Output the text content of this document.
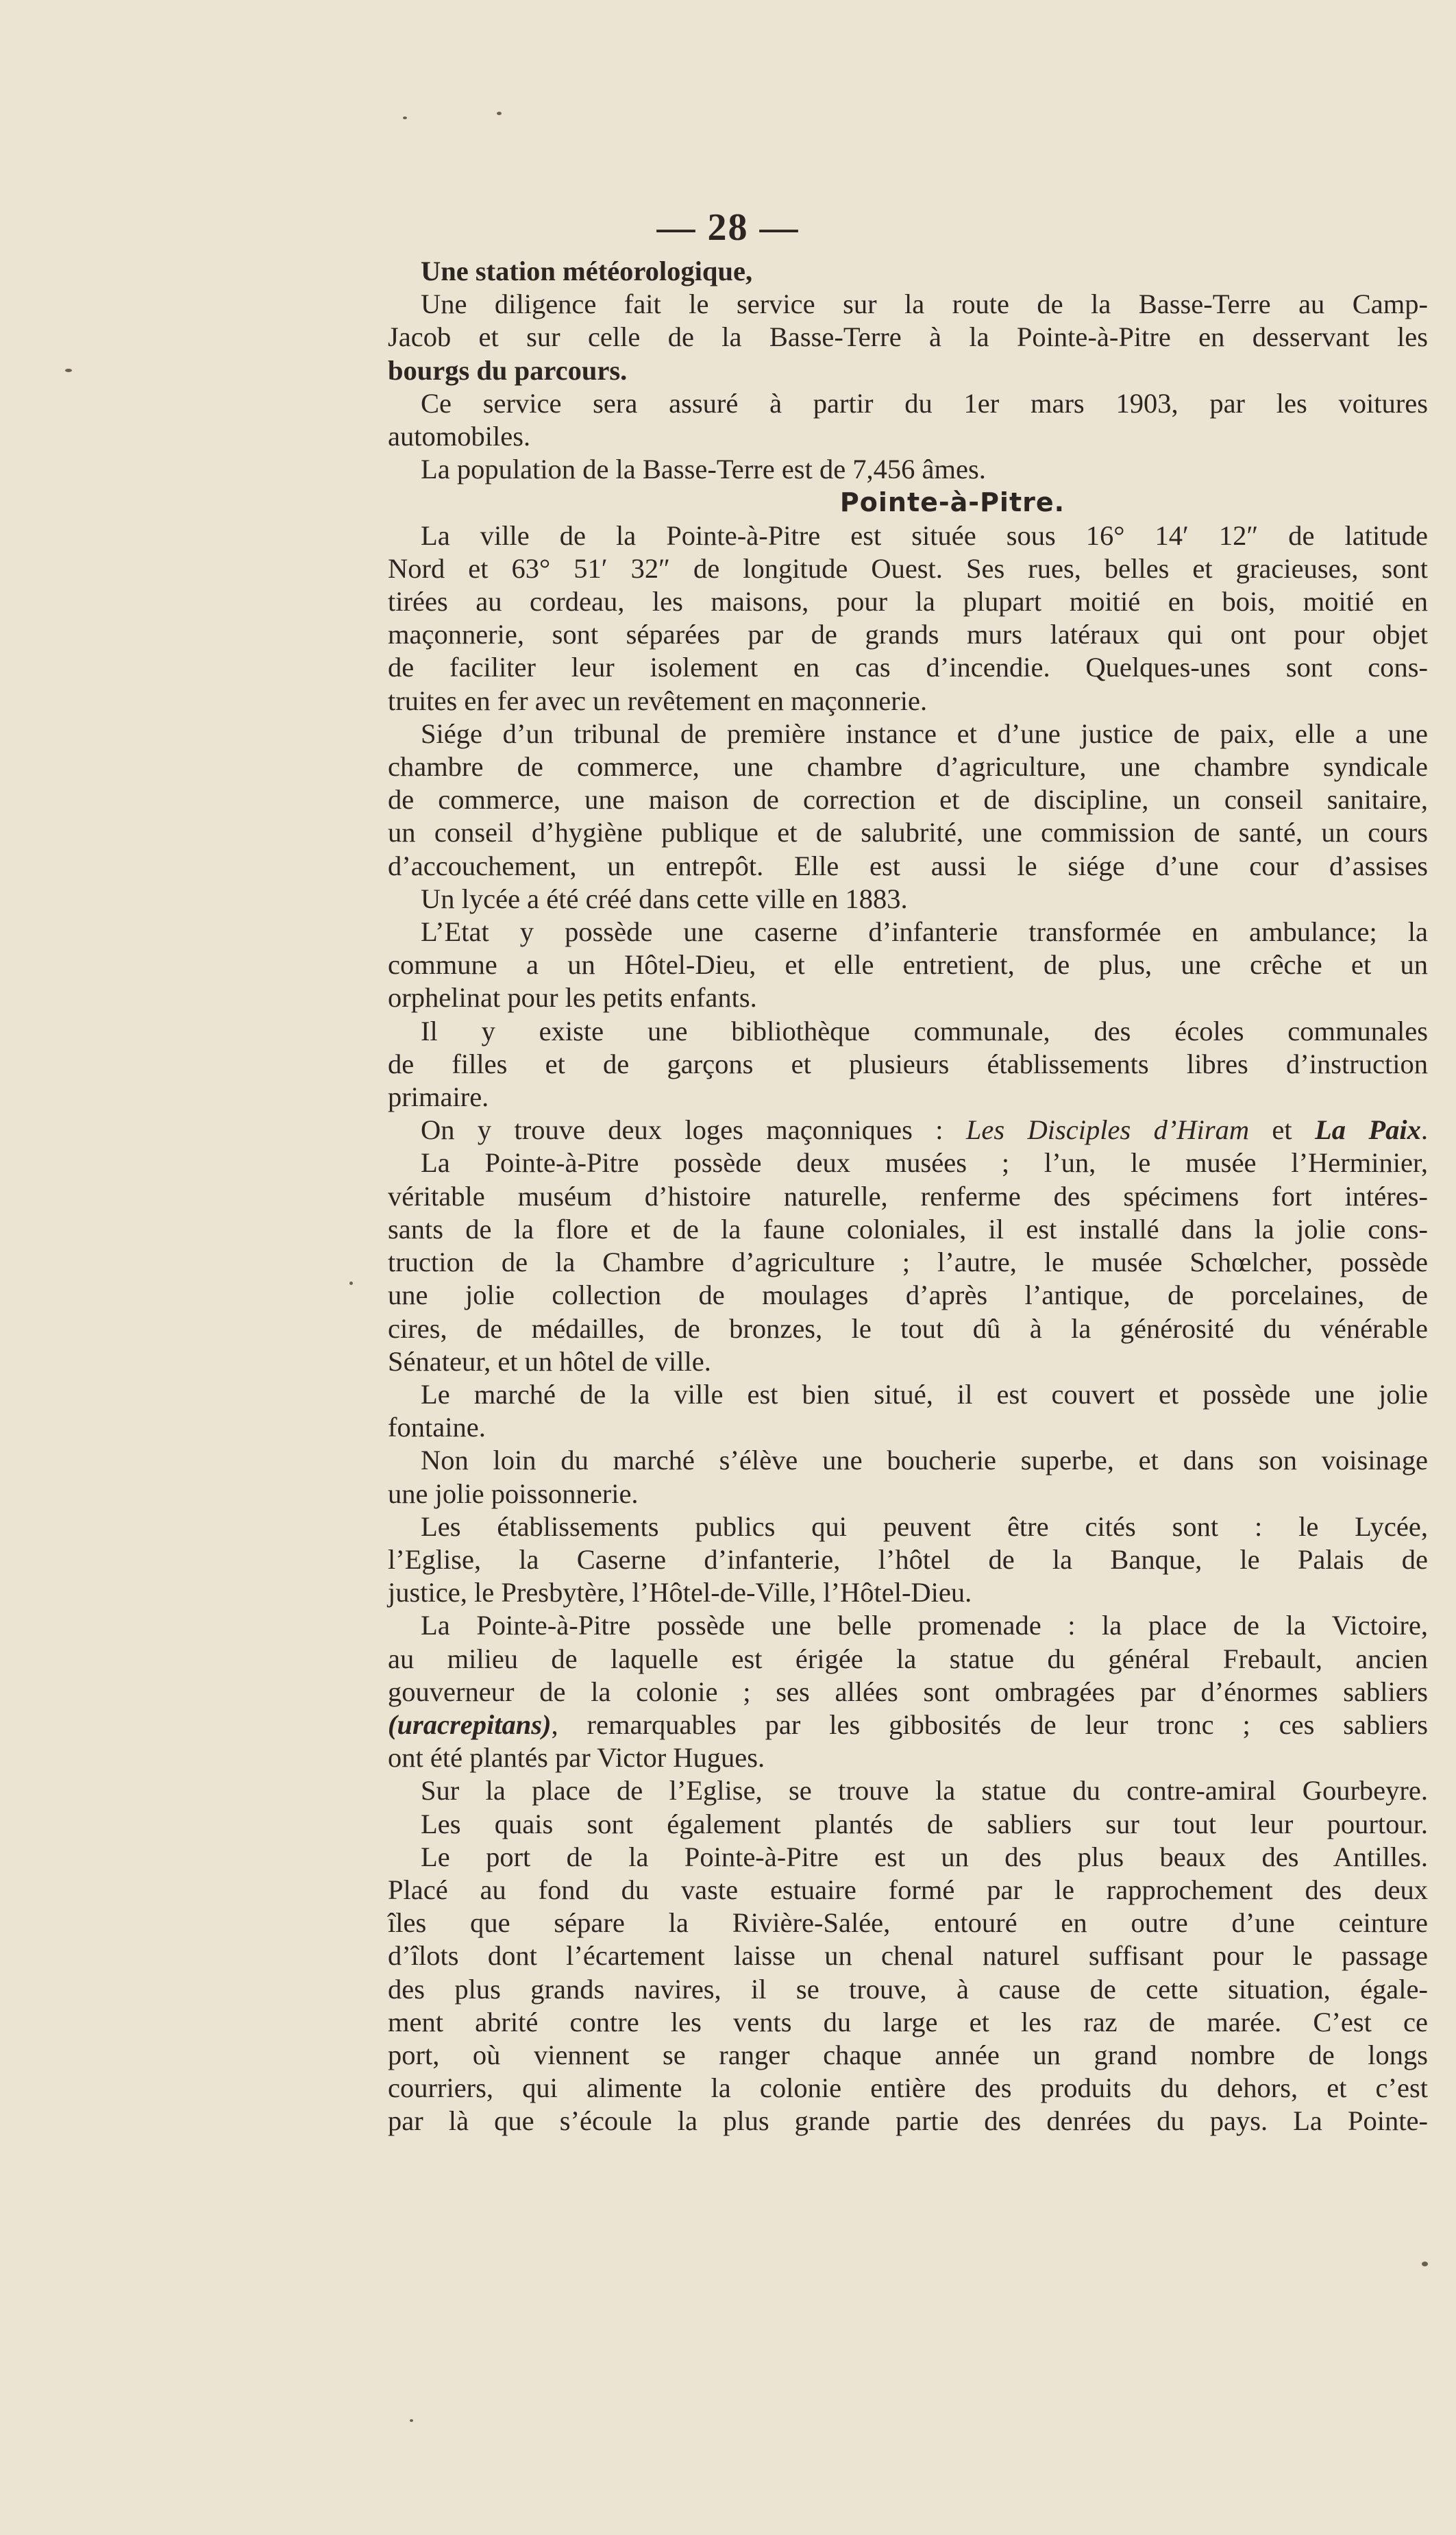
— 28 —
Une station météorologique,
Une diligence fait le service sur la route de la Basse-Terre au Camp-
Jacob et sur celle de la Basse-Terre à la Pointe-à-Pitre en desservant les
bourgs du parcours.
Ce service sera assuré à partir du 1er mars 1903, par les voitures
automobiles.
La population de la Basse-Terre est de 7,456 âmes.
Pointe-à-Pitre.
La ville de la Pointe-à-Pitre est située sous 16° 14′ 12″ de latitude
Nord et 63° 51′ 32″ de longitude Ouest. Ses rues, belles et gracieuses, sont
tirées au cordeau, les maisons, pour la plupart moitié en bois, moitié en
maçonnerie, sont séparées par de grands murs latéraux qui ont pour objet
de faciliter leur isolement en cas d’incendie. Quelques-unes sont cons-
truites en fer avec un revêtement en maçonnerie.
Siége d’un tribunal de première instance et d’une justice de paix, elle a une
chambre de commerce, une chambre d’agriculture, une chambre syndicale
de commerce, une maison de correction et de discipline, un conseil sanitaire,
un conseil d’hygiène publique et de salubrité, une commission de santé, un cours
d’accouchement, un entrepôt. Elle est aussi le siége d’une cour d’assises
Un lycée a été créé dans cette ville en 1883.
L’Etat y possède une caserne d’infanterie transformée en ambulance; la
commune a un Hôtel-Dieu, et elle entretient, de plus, une crêche et un
orphelinat pour les petits enfants.
Il y existe une bibliothèque communale, des écoles communales
de filles et de garçons et plusieurs établissements libres d’instruction
primaire.
On y trouve deux loges maçonniques : Les Disciples d’Hiram et La Paix.
La Pointe-à-Pitre possède deux musées ; l’un, le musée l’Herminier,
véritable muséum d’histoire naturelle, renferme des spécimens fort intéres-
sants de la flore et de la faune coloniales, il est installé dans la jolie cons-
truction de la Chambre d’agriculture ; l’autre, le musée Schœlcher, possède
une jolie collection de moulages d’après l’antique, de porcelaines, de
cires, de médailles, de bronzes, le tout dû à la générosité du vénérable
Sénateur, et un hôtel de ville.
Le marché de la ville est bien situé, il est couvert et possède une jolie
fontaine.
Non loin du marché s’élève une boucherie superbe, et dans son voisinage
une jolie poissonnerie.
Les établissements publics qui peuvent être cités sont : le Lycée,
l’Eglise, la Caserne d’infanterie, l’hôtel de la Banque, le Palais de
justice, le Presbytère, l’Hôtel-de-Ville, l’Hôtel-Dieu.
La Pointe-à-Pitre possède une belle promenade : la place de la Victoire,
au milieu de laquelle est érigée la statue du général Frebault, ancien
gouverneur de la colonie ; ses allées sont ombragées par d’énormes sabliers
(uracrepitans), remarquables par les gibbosités de leur tronc ; ces sabliers
ont été plantés par Victor Hugues.
Sur la place de l’Eglise, se trouve la statue du contre-amiral Gourbeyre.
Les quais sont également plantés de sabliers sur tout leur pourtour.
Le port de la Pointe-à-Pitre est un des plus beaux des Antilles.
Placé au fond du vaste estuaire formé par le rapprochement des deux
îles que sépare la Rivière-Salée, entouré en outre d’une ceinture
d’îlots dont l’écartement laisse un chenal naturel suffisant pour le passage
des plus grands navires, il se trouve, à cause de cette situation, égale-
ment abrité contre les vents du large et les raz de marée. C’est ce
port, où viennent se ranger chaque année un grand nombre de longs
courriers, qui alimente la colonie entière des produits du dehors, et c’est
par là que s’écoule la plus grande partie des denrées du pays. La Pointe-
